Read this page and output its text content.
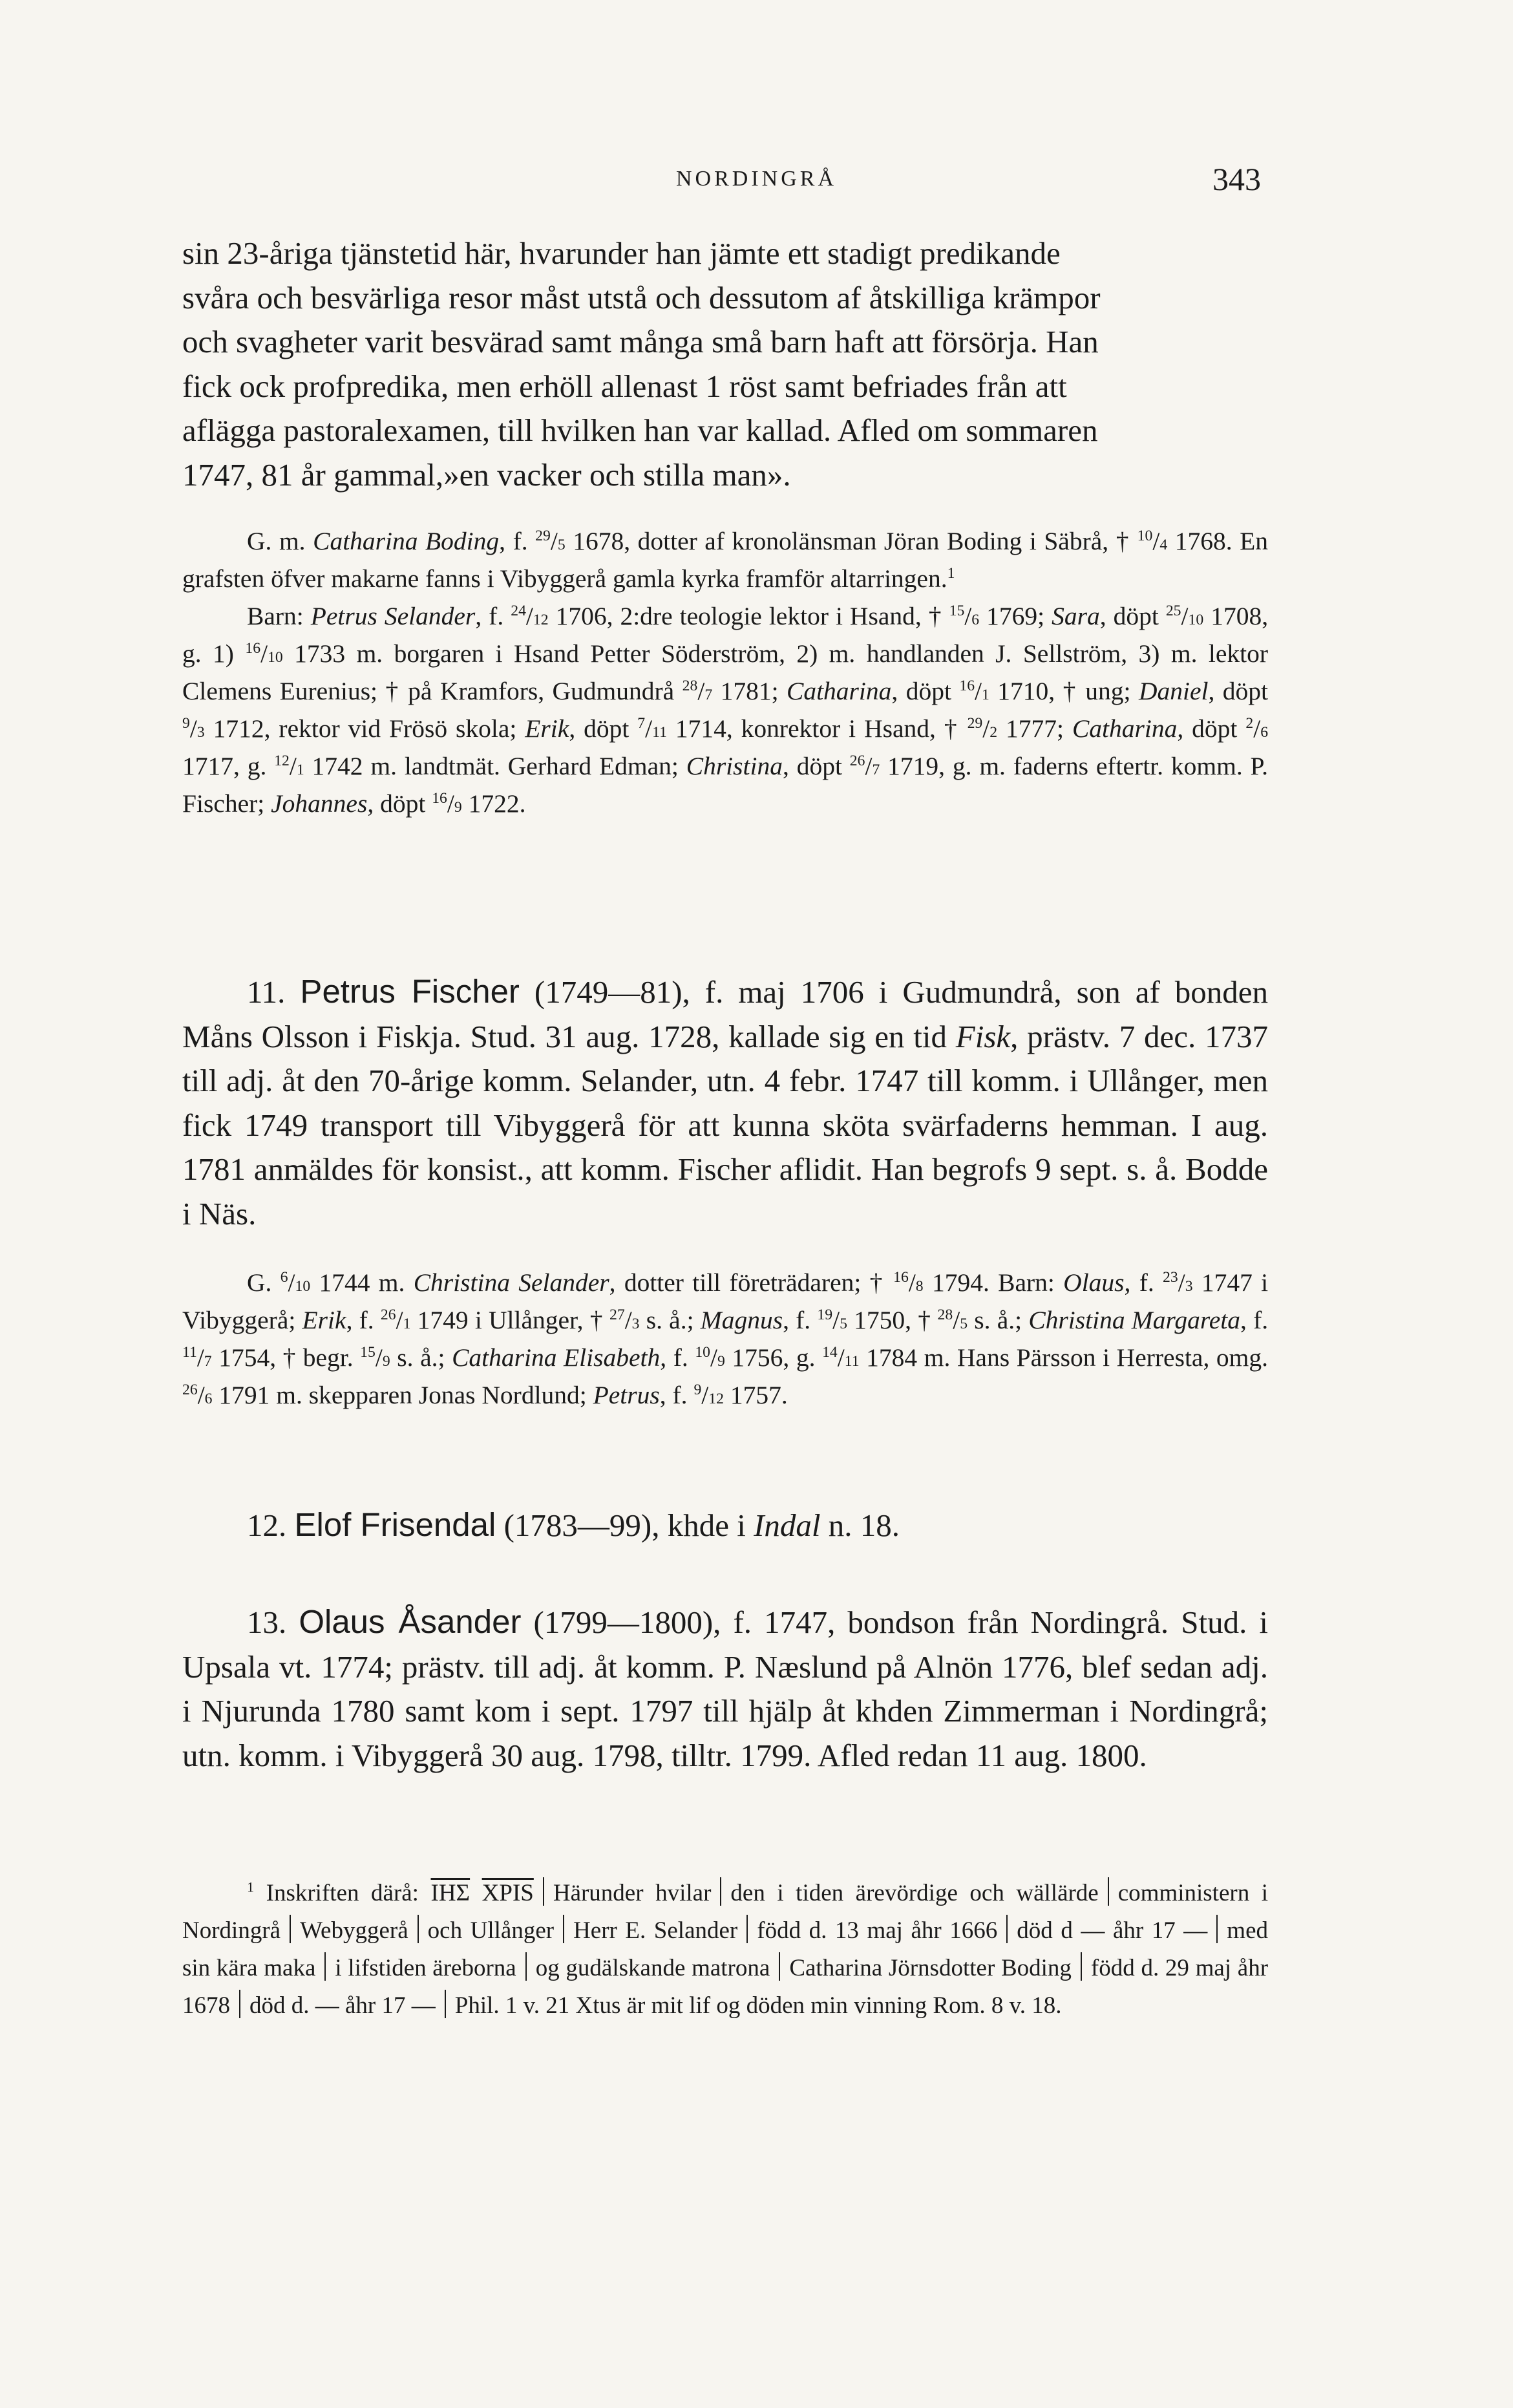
NORDINGRÅ	343
sin 23-åriga tjänstetid här, hvarunder han jämte ett stadigt predikande
svåra och besvärliga resor måst utstå och dessutom af åtskilliga krämpor
och svagheter varit besvärad samt många små barn haft att försörja. Han
fick ock profpredika, men erhöll allenast 1 röst samt befriades från att
aflägga pastoralexamen, till hvilken han var kallad. Afled om sommaren
1747, 81 år gammal,»en vacker och stilla man».

G. m. Catharina Boding, f. $^{29}$/5 1678, dotter af kronolänsman Jöran Boding i Säbrå, † $^{10}$/4 1768. En grafsten öfver makarne fanns i Vibyggerå gamla kyrka framför altarringen.$^1$

Barn: Petrus Selander, f. $^{24}$/12 1706, 2:dre teologie lektor i Hsand, † $^{15}$/6 1769; Sara, döpt $^{25}$/10 1708, g. 1) $^{16}$/10 1733 m. borgaren i Hsand Petter Söderström, 2) m. handlanden J. Sellström, 3) m. lektor Clemens Eurenius; † på Kramfors, Gudmundrå $^{28}$/7 1781; Catharina, döpt $^{16}$/1 1710, † ung; Daniel, döpt $^9$/3 1712, rektor vid Frösö skola; Erik, döpt $^7$/11 1714, konrektor i Hsand, † $^{29}$/2 1777; Catharina, döpt $^2$/6 1717, g. $^{12}$/1 1742 m. landtmät. Gerhard Edman; Christina, döpt $^{26}$/7 1719, g. m. faderns eftertr. komm. P. Fischer; Johannes, döpt $^{16}$/9 1722.

11. Petrus Fischer (1749—81), f. maj 1706 i Gudmundrå, son af bonden Måns Olsson i Fiskja. Stud. 31 aug. 1728, kallade sig en tid Fisk, prästv. 7 dec. 1737 till adj. åt den 70-årige komm. Selander, utn. 4 febr. 1747 till komm. i Ullånger, men fick 1749 transport till Vibyggerå för att kunna sköta svärfaderns hemman. I aug. 1781 anmäldes för konsist., att komm. Fischer aflidit. Han begrofs 9 sept. s. å. Bodde i Näs.

G. $^6$/10 1744 m. Christina Selander, dotter till företrädaren; † $^{16}$/8 1794. Barn: Olaus, f. $^{23}$/3 1747 i Vibyggerå; Erik, f. $^{26}$/1 1749 i Ullånger, † $^{27}$/3 s. å.; Magnus, f. $^{19}$/5 1750, † $^{28}$/5 s. å.; Christina Margareta, f. $^{11}$/7 1754, † begr. $^{15}$/9 s. å.; Catharina Elisabeth, f. $^{10}$/9 1756, g. $^{14}$/11 1784 m. Hans Pärsson i Herresta, omg. $^{26}$/6 1791 m. skepparen Jonas Nordlund; Petrus, f. $^9$/12 1757.

12. Elof Frisendal (1783—99), khde i Indal n. 18.

13. Olaus Åsander (1799—1800), f. 1747, bondson från Nordingrå. Stud. i Upsala vt. 1774; prästv. till adj. åt komm. P. Næslund på Alnön 1776, blef sedan adj. i Njurunda 1780 samt kom i sept. 1797 till hjälp åt khden Zimmerman i Nordingrå; utn. komm. i Vibyggerå 30 aug. 1798, tilltr. 1799. Afled redan 11 aug. 1800.

$^1$ Inskriften därå: $\overline{IH\Sigma}$ XPIS Härunder hvilar den i tiden ärevördige och wällärde comministern i Nordingrå Webyggerå och Ullånger Herr E. Selander född d. 13 maj åhr 1666 död d — åhr 17 — med sin kära maka i lifstiden äreborna og gudälskande matrona Catharina Jörnsdotter Boding född d. 29 maj åhr 1678 död d. — åhr 17 — Phil. 1 v. 21 Xtus är mit lif og döden min vinning Rom. 8 v. 18.
